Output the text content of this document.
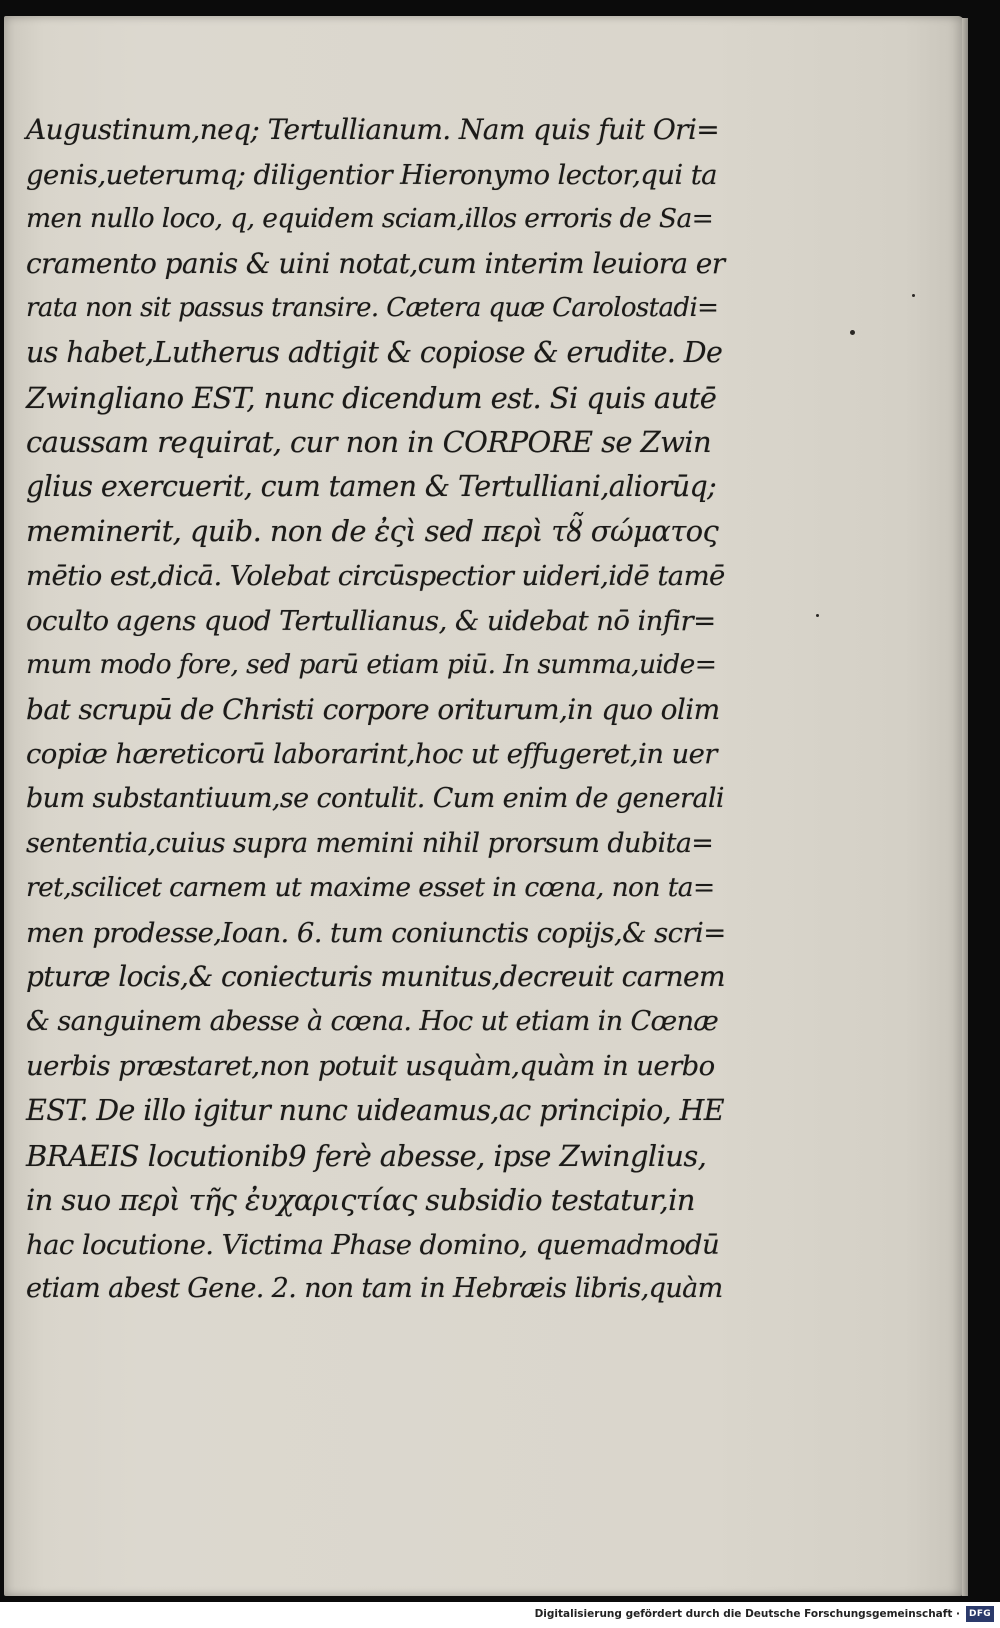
Augustinum,neq; Tertullianum. Nam quis fuit Ori=
genis,ueterumq; diligentior Hieronymo lector,qui ta
men nullo loco, q, equidem sciam,illos erroris de Sa=
cramento panis & uini notat,cum interim leuiora er
rata non sit passus transire. Cætera quæ Carolostadi=
us habet,Lutherus adtigit & copiose & erudite. De
Zwingliano EST, nunc dicendum est. Si quis autē
caussam requirat, cur non in CORPORE se Zwin
glius exercuerit, cum tamen & Tertulliani,aliorūq;
meminerit, quib. non de ἐςὶ sed περὶ τȣ̃ σώματος
mētio est,dicā. Volebat circūspectior uideri,idē tamē
oculto agens quod Tertullianus, & uidebat nō infir=
mum modo fore, sed parū etiam piū. In summa,uide=
bat scrupū de Christi corpore oriturum,in quo olim
copiæ hæreticorū laborarint,hoc ut effugeret,in uer
bum substantiuum,se contulit. Cum enim de generali
sententia,cuius supra memini nihil prorsum dubita=
ret,scilicet carnem ut maxime esset in cœna, non ta=
men prodesse,Ioan. 6. tum coniunctis copijs,& scri=
pturæ locis,& coniecturis munitus,decreuit carnem
& sanguinem abesse à cœna. Hoc ut etiam in Cœnæ
uerbis præstaret,non potuit usquàm,quàm in uerbo
EST. De illo igitur nunc uideamus,ac principio, HE
BRAEIS locutionib9 ferè abesse, ipse Zwinglius,
in suo περὶ τῆς ἐυχαριςτίας subsidio testatur,in
hac locutione. Victima Phase domino, quemadmodū
etiam abest Gene. 2. non tam in Hebræis libris,quàm
Digitalisierung gefördert durch die Deutsche Forschungsgemeinschaft ·	DFG
